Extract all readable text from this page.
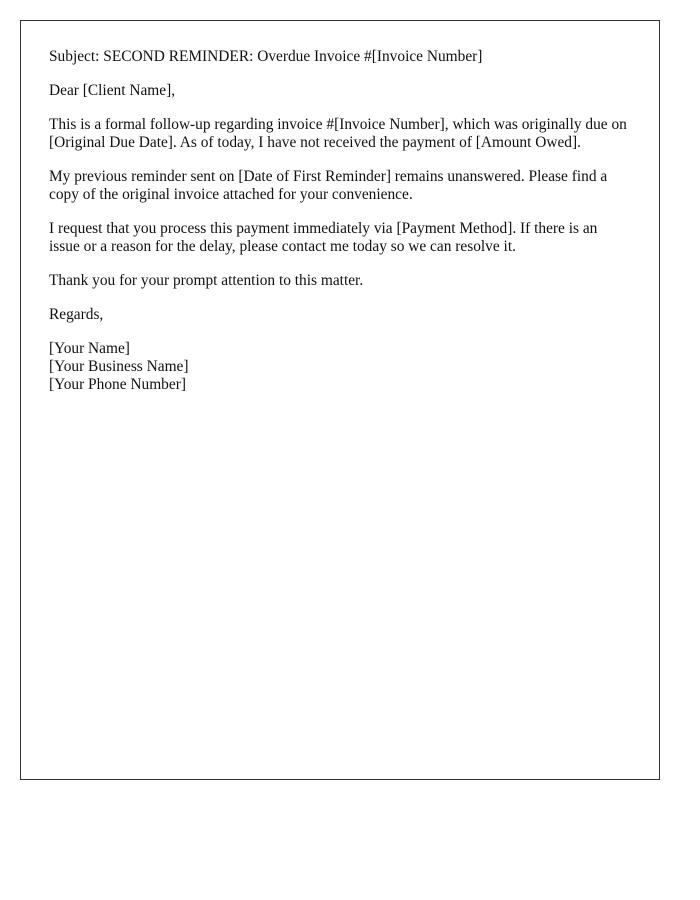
Subject: SECOND REMINDER: Overdue Invoice #[Invoice Number]

Dear [Client Name],

This is a formal follow-up regarding invoice #[Invoice Number], which was originally due on [Original Due Date]. As of today, I have not received the payment of [Amount Owed].

My previous reminder sent on [Date of First Reminder] remains unanswered. Please find a copy of the original invoice attached for your convenience.

I request that you process this payment immediately via [Payment Method]. If there is an issue or a reason for the delay, please contact me today so we can resolve it.

Thank you for your prompt attention to this matter.

Regards,

[Your Name]
[Your Business Name]
[Your Phone Number]
